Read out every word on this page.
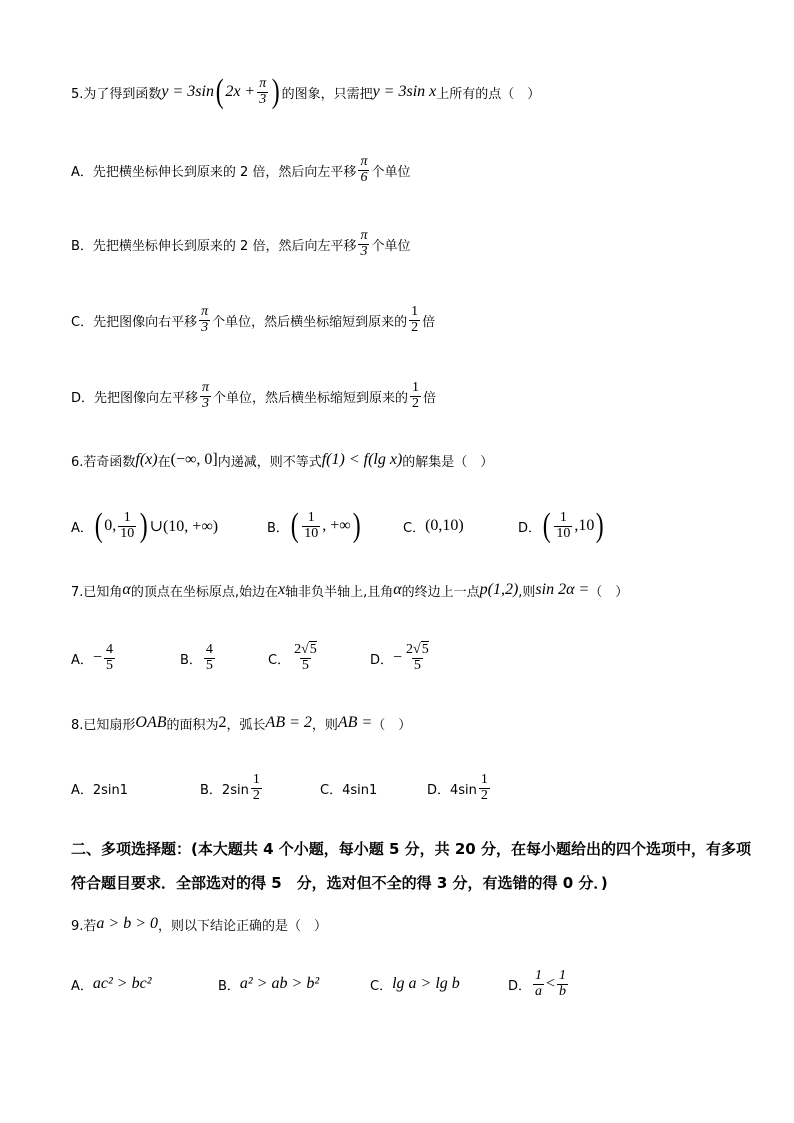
5.为了得到函数 y = 3sin ( $2x + \frac{\pi}{3}$ ) 的图象，只需把 y = 3sin x 上所有的点（　）
A．先把横坐标伸长到原来的 2 倍，然后向左平移 $\frac{\pi}{6}$ 个单位
B．先把横坐标伸长到原来的 2 倍，然后向左平移 $\frac{\pi}{3}$ 个单位
C．先把图像向右平移 $\frac{\pi}{3}$ 个单位，然后横坐标缩短到原来的 $\frac{1}{2}$ 倍
D．先把图像向左平移 $\frac{\pi}{3}$ 个单位，然后横坐标缩短到原来的 $\frac{1}{2}$ 倍
6.若奇函数 f(x) 在 (−∞, 0] 内递减，则不等式 f(1) < f(lg x) 的解集是（　）
A． ( 0, $\frac{1}{10}$ ) ∪(10, +∞)	B． ( $\frac{1}{10}$ , +∞ )	C． (0,10)	D． ( $\frac{1}{10} ,10$ )
7.已知角 α 的顶点在坐标原点,始边在 x 轴非负半轴上,且角 α 的终边上一点 p(1,2) ,则 sin 2α = （　）
A． − $\frac{4}{5}$	B． $\frac{4}{5}$	C． $\frac{2√5}{5}$	D． − $\frac{2√5}{5}$
8.已知扇形 OAB 的面积为 2 ，弧长 AB = 2 ，则 AB = （　）
A．2sin1	B．$2\sin \frac{1}{2}$	C．4sin1	D．$4\sin \frac{1}{2}$
二、多项选择题：(本大题共 4 个小题，每小题 5 分，共 20 分，在每小题给出的四个选项中，有多项符合题目要求．全部选对的得 5　分，选对但不全的得 3 分，有选错的得 0 分．)
9.若 a > b > 0 ，则以下结论正确的是（　）
A． ac² > bc²	B． a² > ab > b²	C． lg a > lg b	D． $\frac{1}{a} < \frac{1}{b}$
